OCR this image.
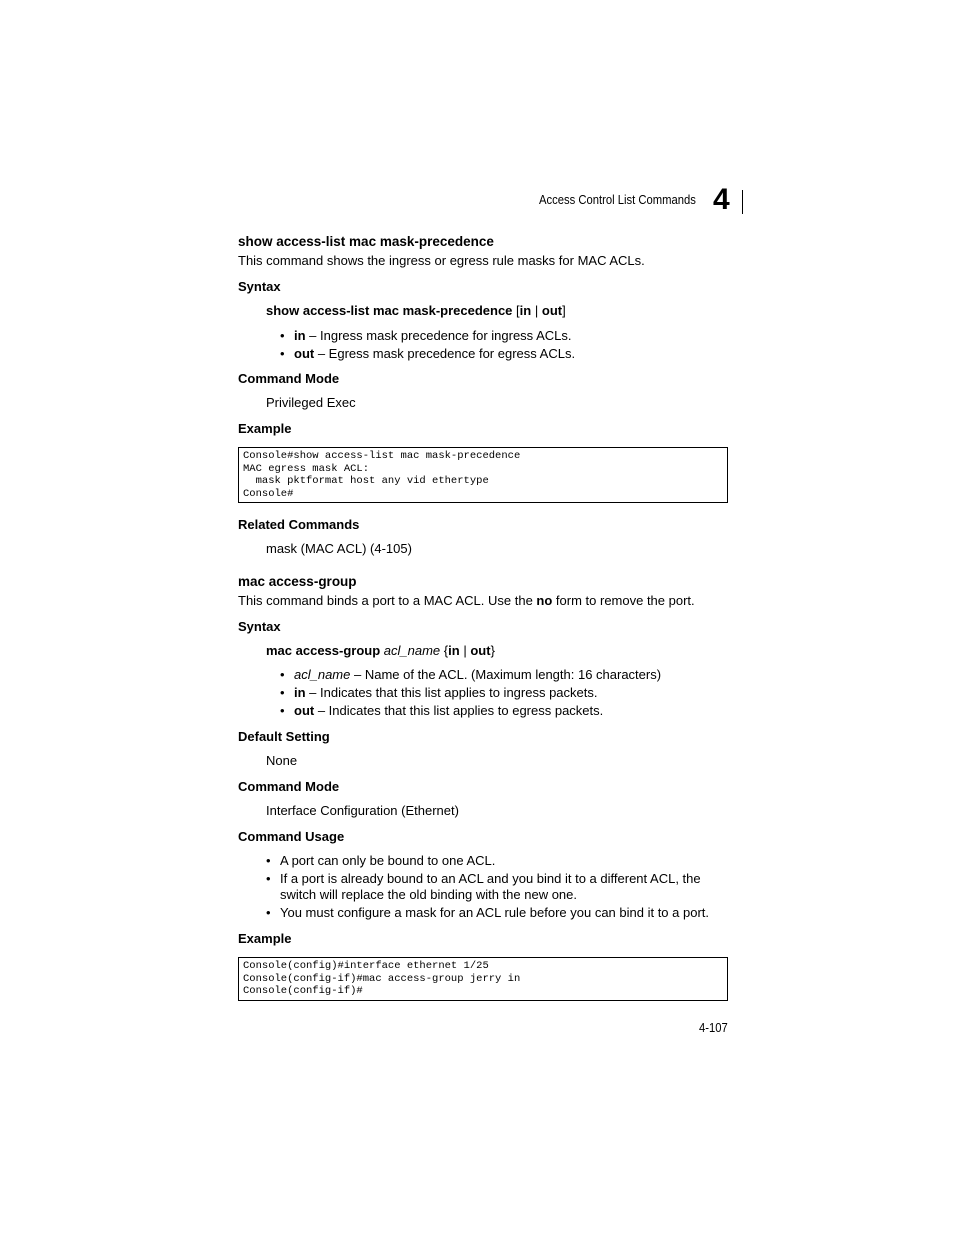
Access Control List Commands 4
show access-list mac mask-precedence
This command shows the ingress or egress rule masks for MAC ACLs.
Syntax
show access-list mac mask-precedence [in | out]
• in – Ingress mask precedence for ingress ACLs.
• out – Egress mask precedence for egress ACLs.
Command Mode
Privileged Exec
Example
Console#show access-list mac mask-precedence
MAC egress mask ACL:
mask pktformat host any vid ethertype
Console#
Related Commands
mask (MAC ACL) (4-105)
mac access-group
This command binds a port to a MAC ACL. Use the no form to remove the port.
Syntax
mac access-group acl_name {in | out}
• acl_name – Name of the ACL. (Maximum length: 16 characters)
• in – Indicates that this list applies to ingress packets.
• out – Indicates that this list applies to egress packets.
Default Setting
None
Command Mode
Interface Configuration (Ethernet)
Command Usage
• A port can only be bound to one ACL.
• If a port is already bound to an ACL and you bind it to a different ACL, the
switch will replace the old binding with the new one.
• You must configure a mask for an ACL rule before you can bind it to a port.
Example
Console(config)#interface ethernet 1/25
Console(config-if)#mac access-group jerry in
Console(config-if)#
4-107
